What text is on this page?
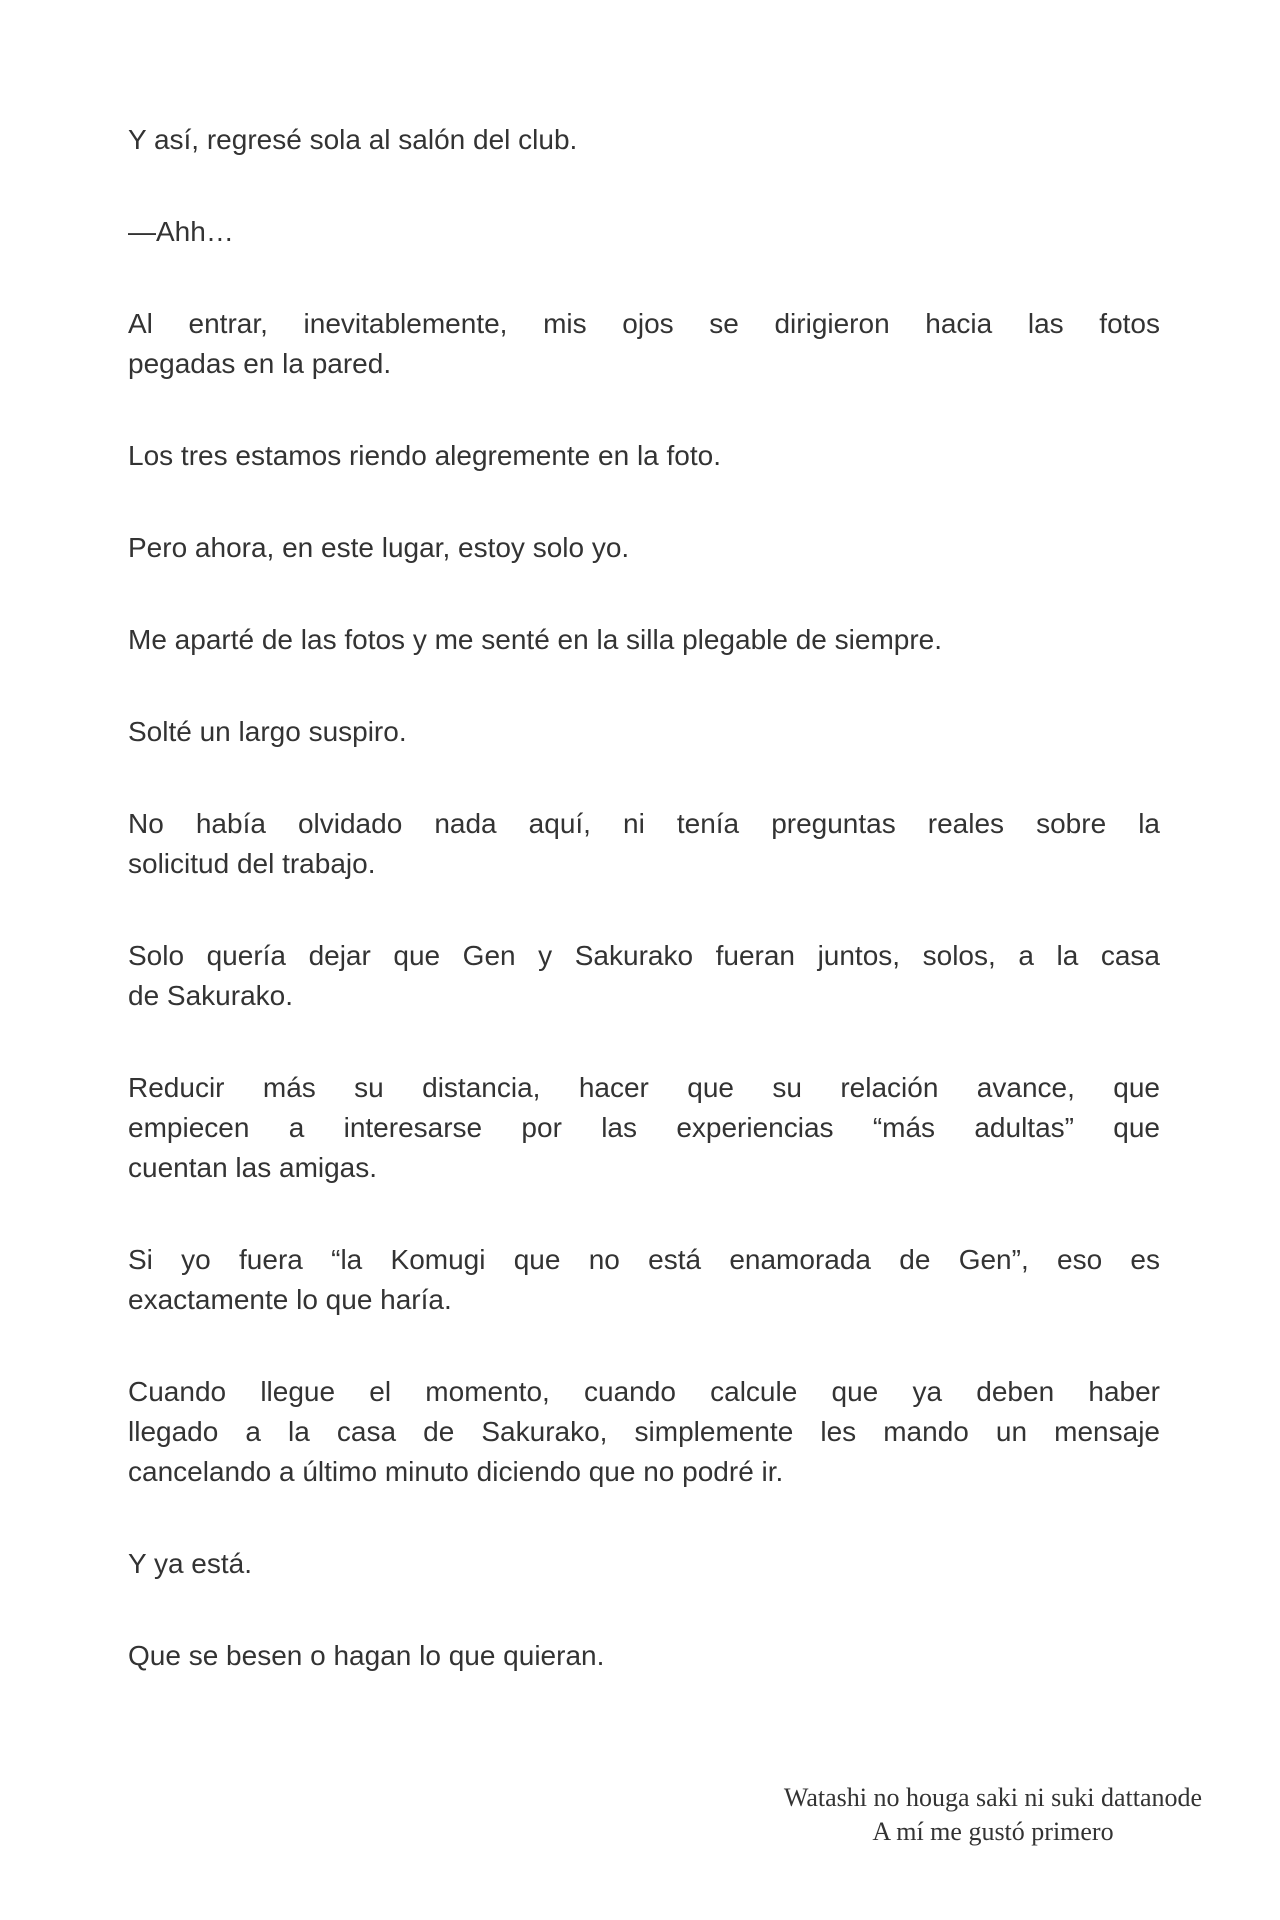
Y así, regresé sola al salón del club.

—Ahh…

Al entrar, inevitablemente, mis ojos se dirigieron hacia las fotos
pegadas en la pared.

Los tres estamos riendo alegremente en la foto.

Pero ahora, en este lugar, estoy solo yo.

Me aparté de las fotos y me senté en la silla plegable de siempre.

Solté un largo suspiro.

No había olvidado nada aquí, ni tenía preguntas reales sobre la
solicitud del trabajo.

Solo quería dejar que Gen y Sakurako fueran juntos, solos, a la casa
de Sakurako.

Reducir más su distancia, hacer que su relación avance, que
empiecen a interesarse por las experiencias “más adultas” que
cuentan las amigas.

Si yo fuera “la Komugi que no está enamorada de Gen”, eso es
exactamente lo que haría.

Cuando llegue el momento, cuando calcule que ya deben haber
llegado a la casa de Sakurako, simplemente les mando un mensaje
cancelando a último minuto diciendo que no podré ir.

Y ya está.

Que se besen o hagan lo que quieran.

Watashi no houga saki ni suki dattanode
A mí me gustó primero
